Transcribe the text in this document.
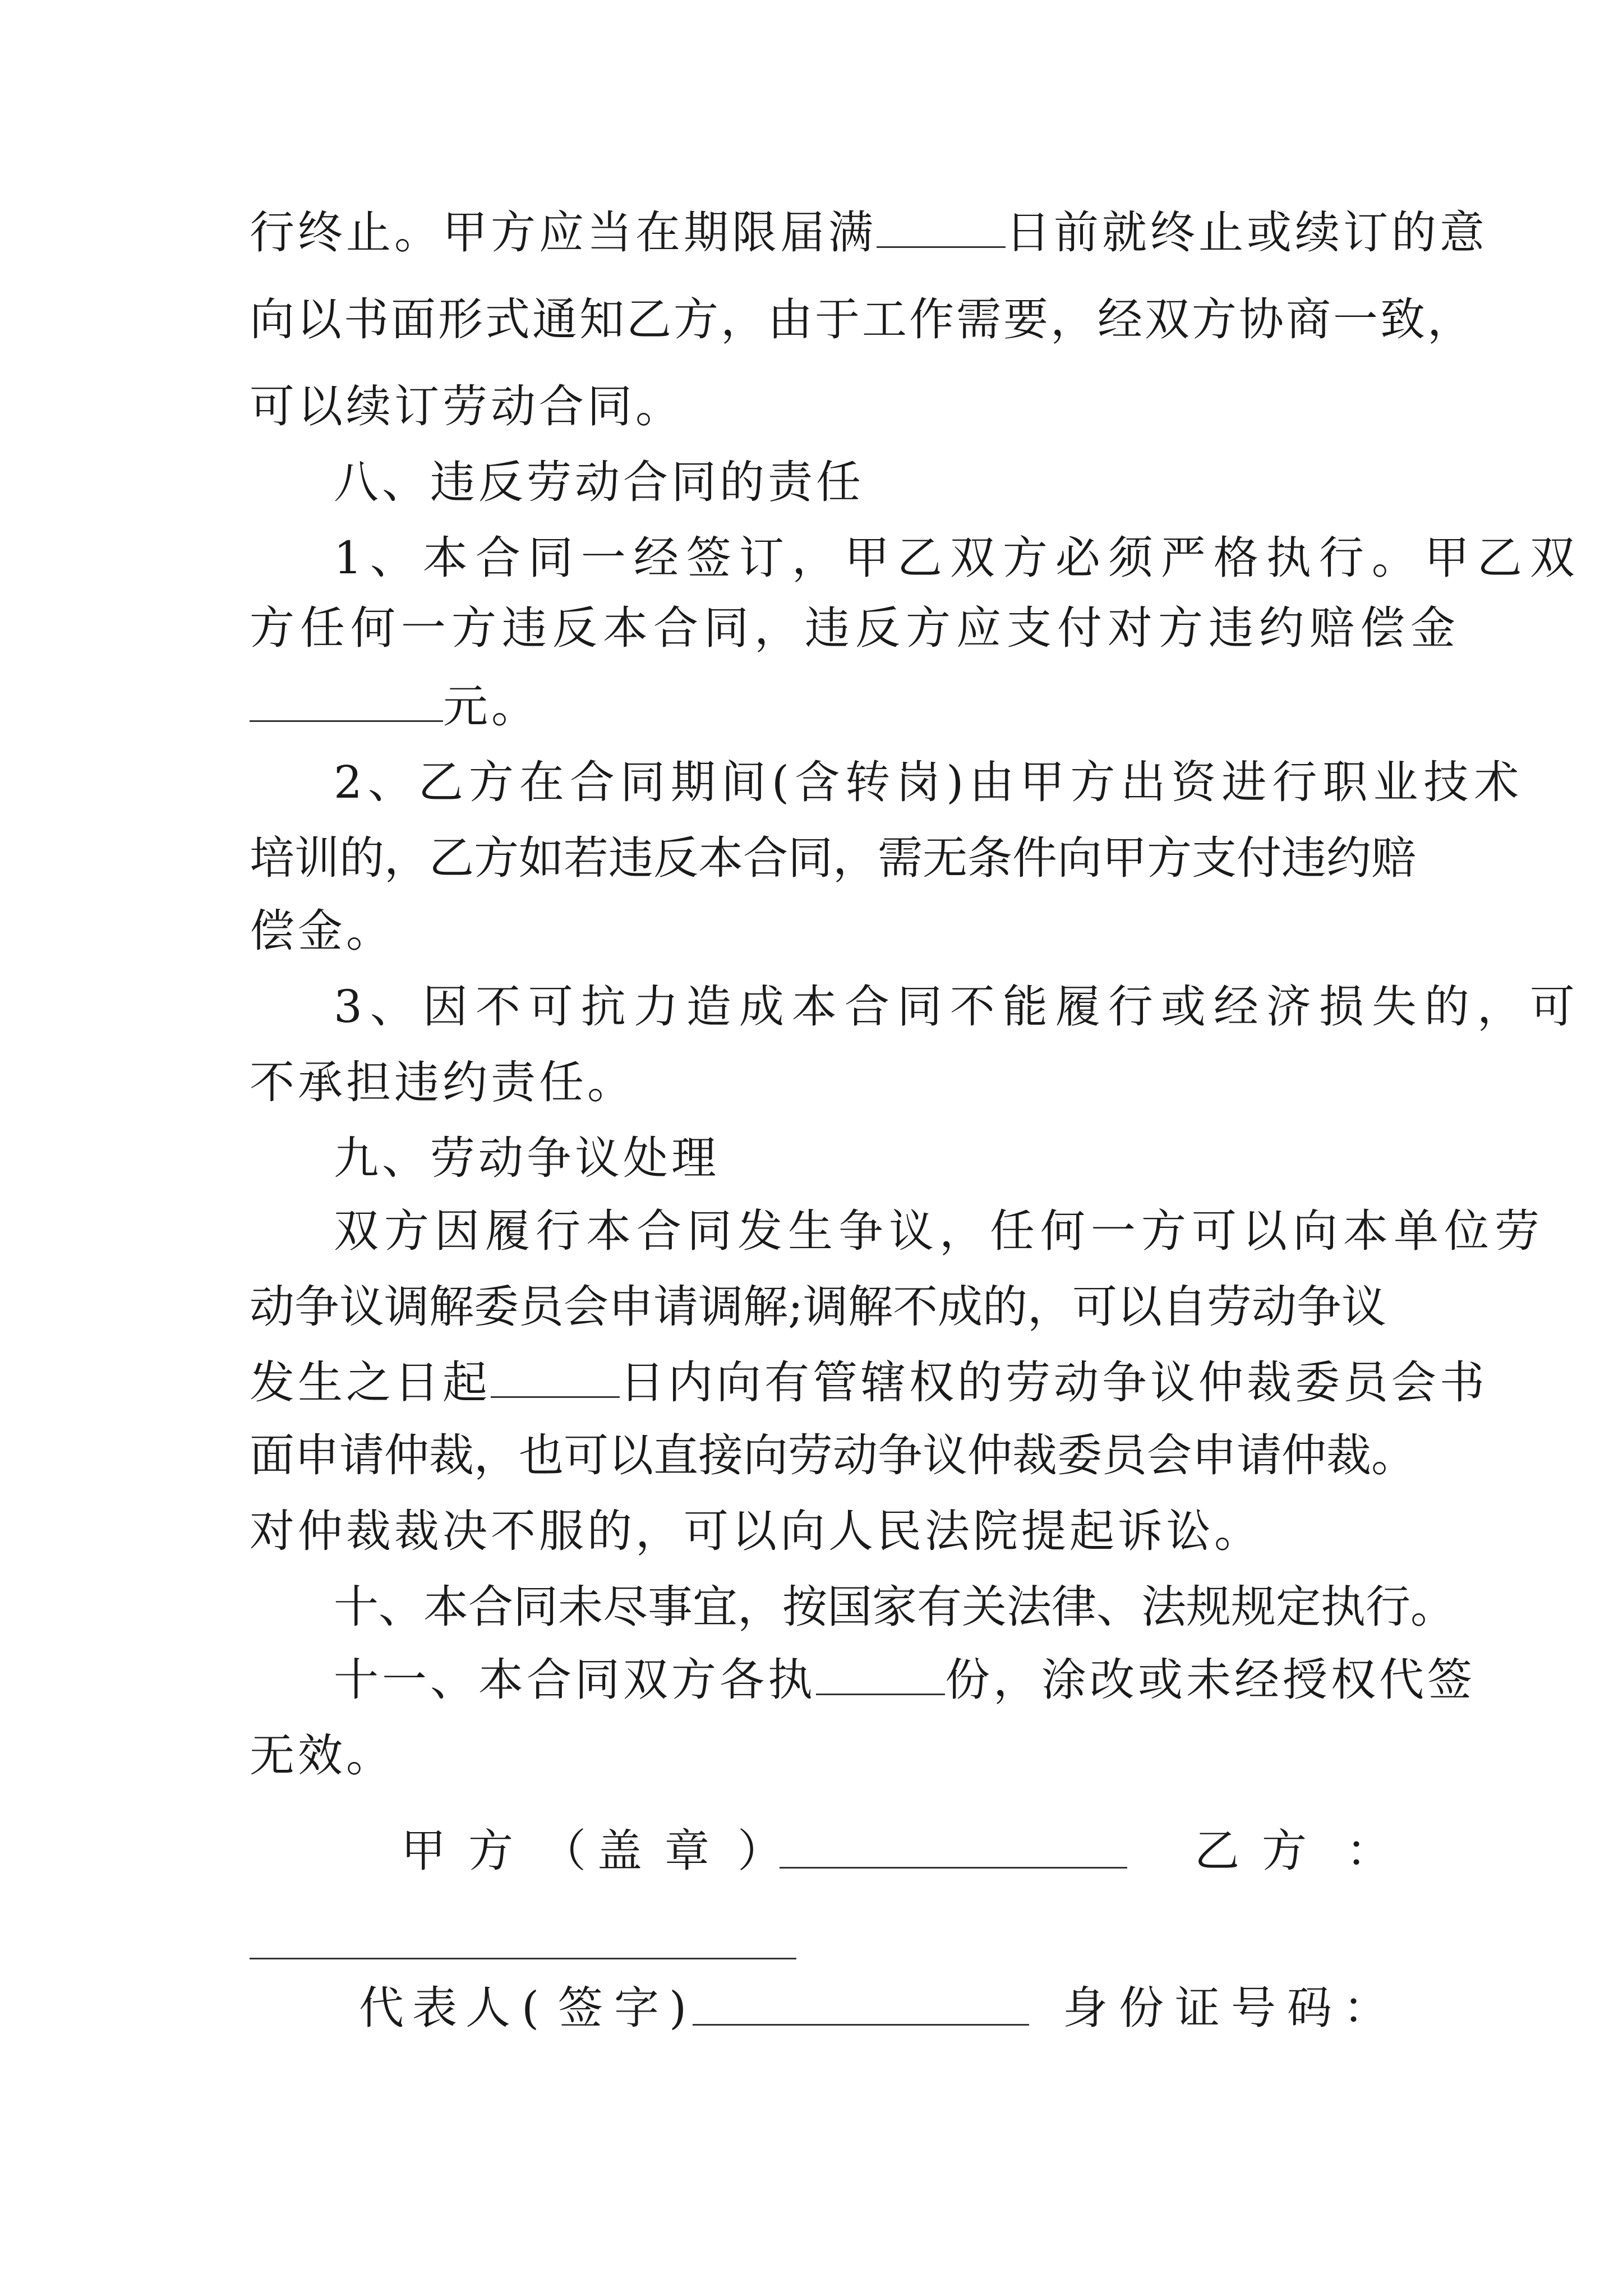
行终止。甲方应当在期限届满	日前就终止或续订的意
向以书面形式通知乙方，由于工作需要，经双方协商一致，
可以续订劳动合同。
八、违反劳动合同的责任
1、本合同一经签订，甲乙双方必须严格执行。甲乙双
方任何一方违反本合同，违反方应支付对方违约赔偿金
元。
2、乙方在合同期间(含转岗)由甲方出资进行职业技术
培训的，乙方如若违反本合同，需无条件向甲方支付违约赔
偿金。
3、因不可抗力造成本合同不能履行或经济损失的，可
不承担违约责任。
九、劳动争议处理
双方因履行本合同发生争议，任何一方可以向本单位劳
动争议调解委员会申请调解;调解不成的，可以自劳动争议
发生之日起	日内向有管辖权的劳动争议仲裁委员会书
面申请仲裁，也可以直接向劳动争议仲裁委员会申请仲裁。
对仲裁裁决不服的，可以向人民法院提起诉讼。
十、本合同未尽事宜，按国家有关法律、法规规定执行。
十一、本合同双方各执	份，涂改或未经授权代签
无效。
甲 方 （ 盖 章 ）	乙 方 ：
代 表 人 ( 签 字 )	身 份 证 号 码 ：
